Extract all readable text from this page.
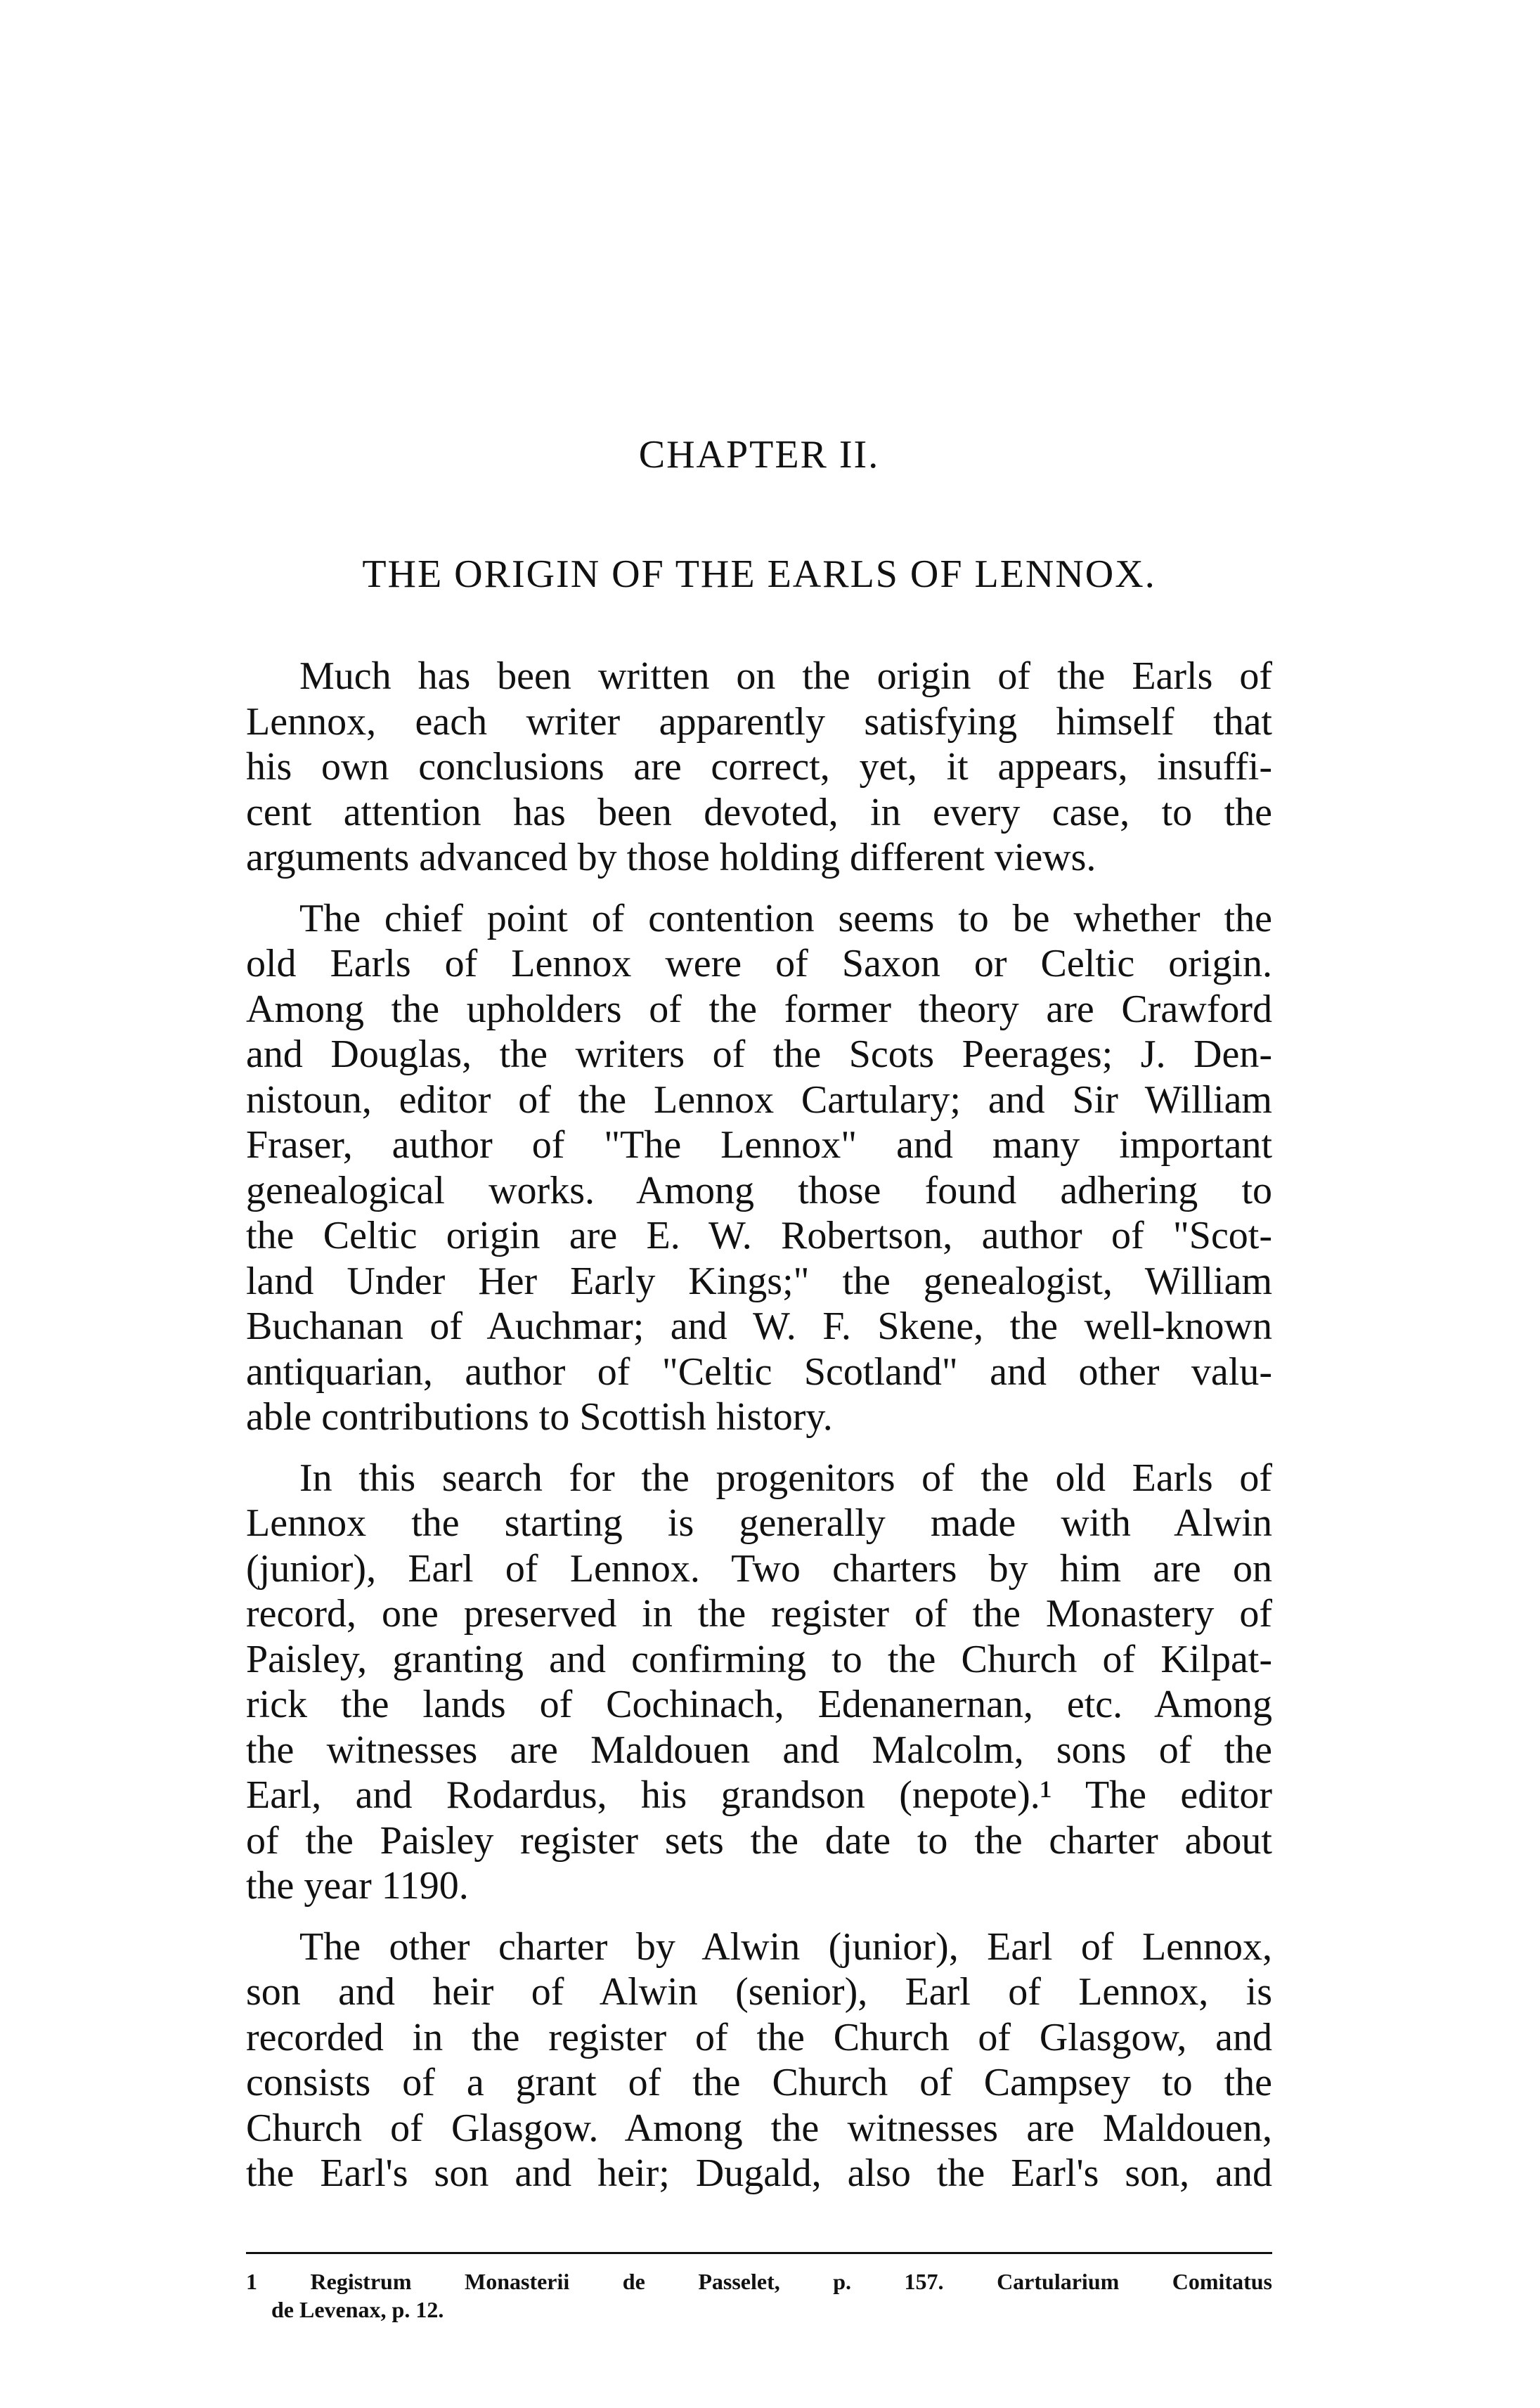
CHAPTER II.
THE ORIGIN OF THE EARLS OF LENNOX.
Much has been written on the origin of the Earls of
Lennox, each writer apparently satisfying himself that
his own conclusions are correct, yet, it appears, insuffi-
cent attention has been devoted, in every case, to the
arguments advanced by those holding different views.
The chief point of contention seems to be whether the
old Earls of Lennox were of Saxon or Celtic origin.
Among the upholders of the former theory are Crawford
and Douglas, the writers of the Scots Peerages; J. Den-
nistoun, editor of the Lennox Cartulary; and Sir William
Fraser, author of "The Lennox" and many important
genealogical works. Among those found adhering to
the Celtic origin are E. W. Robertson, author of "Scot-
land Under Her Early Kings;" the genealogist, William
Buchanan of Auchmar; and W. F. Skene, the well-known
antiquarian, author of "Celtic Scotland" and other valu-
able contributions to Scottish history.
In this search for the progenitors of the old Earls of
Lennox the starting is generally made with Alwin
(junior), Earl of Lennox. Two charters by him are on
record, one preserved in the register of the Monastery of
Paisley, granting and confirming to the Church of Kilpat-
rick the lands of Cochinach, Edenanernan, etc. Among
the witnesses are Maldouen and Malcolm, sons of the
Earl, and Rodardus, his grandson (nepote).¹ The editor
of the Paisley register sets the date to the charter about
the year 1190.
The other charter by Alwin (junior), Earl of Lennox,
son and heir of Alwin (senior), Earl of Lennox, is
recorded in the register of the Church of Glasgow, and
consists of a grant of the Church of Campsey to the
Church of Glasgow. Among the witnesses are Maldouen,
the Earl's son and heir; Dugald, also the Earl's son, and
1 Registrum Monasterii de Passelet, p. 157. Cartularium Comitatus
de Levenax, p. 12.
